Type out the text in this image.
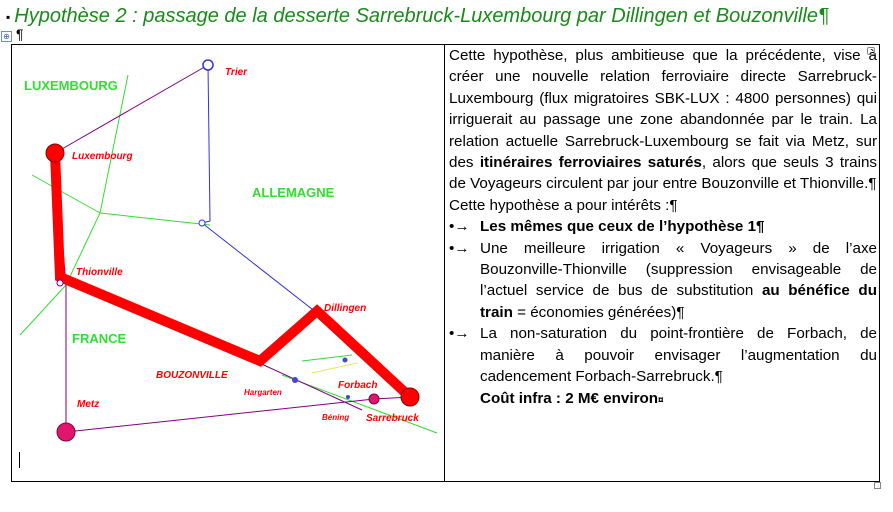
▪ Hypothèse 2 : passage de la desserte Sarrebruck-Luxembourg par Dillingen et Bouzonville¶
⊕ ¶
LUXEMBOURG
ALLEMAGNE
FRANCE
Trier
Luxembourg
Thionville
Dillingen
BOUZONVILLE
Hargarten
Forbach
Metz
Béning Sarrebruck

Cette hypothèse, plus ambitieuse que la précédente, vise à créer une nouvelle relation ferroviaire directe Sarrebruck-Luxembourg (flux migratoires SBK-LUX : 4800 personnes) qui irriguerait au passage une zone abandonnée par le train. La relation actuelle Sarrebruck-Luxembourg se fait via Metz, sur des itinéraires ferroviaires saturés, alors que seuls 3 trains de Voyageurs circulent par jour entre Bouzonville et Thionville.¶

Cette hypothèse a pour intérêts :¶

•→ Les mêmes que ceux de l’hypothèse 1¶
•→ Une meilleure irrigation « Voyageurs » de l’axe Bouzonville-Thionville (suppression envisageable de l’actuel service de bus de substitution au bénéfice du train = économies générées)¶
•→ La non-saturation du point-frontière de Forbach, de manière à pouvoir envisager l’augmentation du cadencement Forbach-Sarrebruck.¶
Coût infra : 2 M€ environ¤
